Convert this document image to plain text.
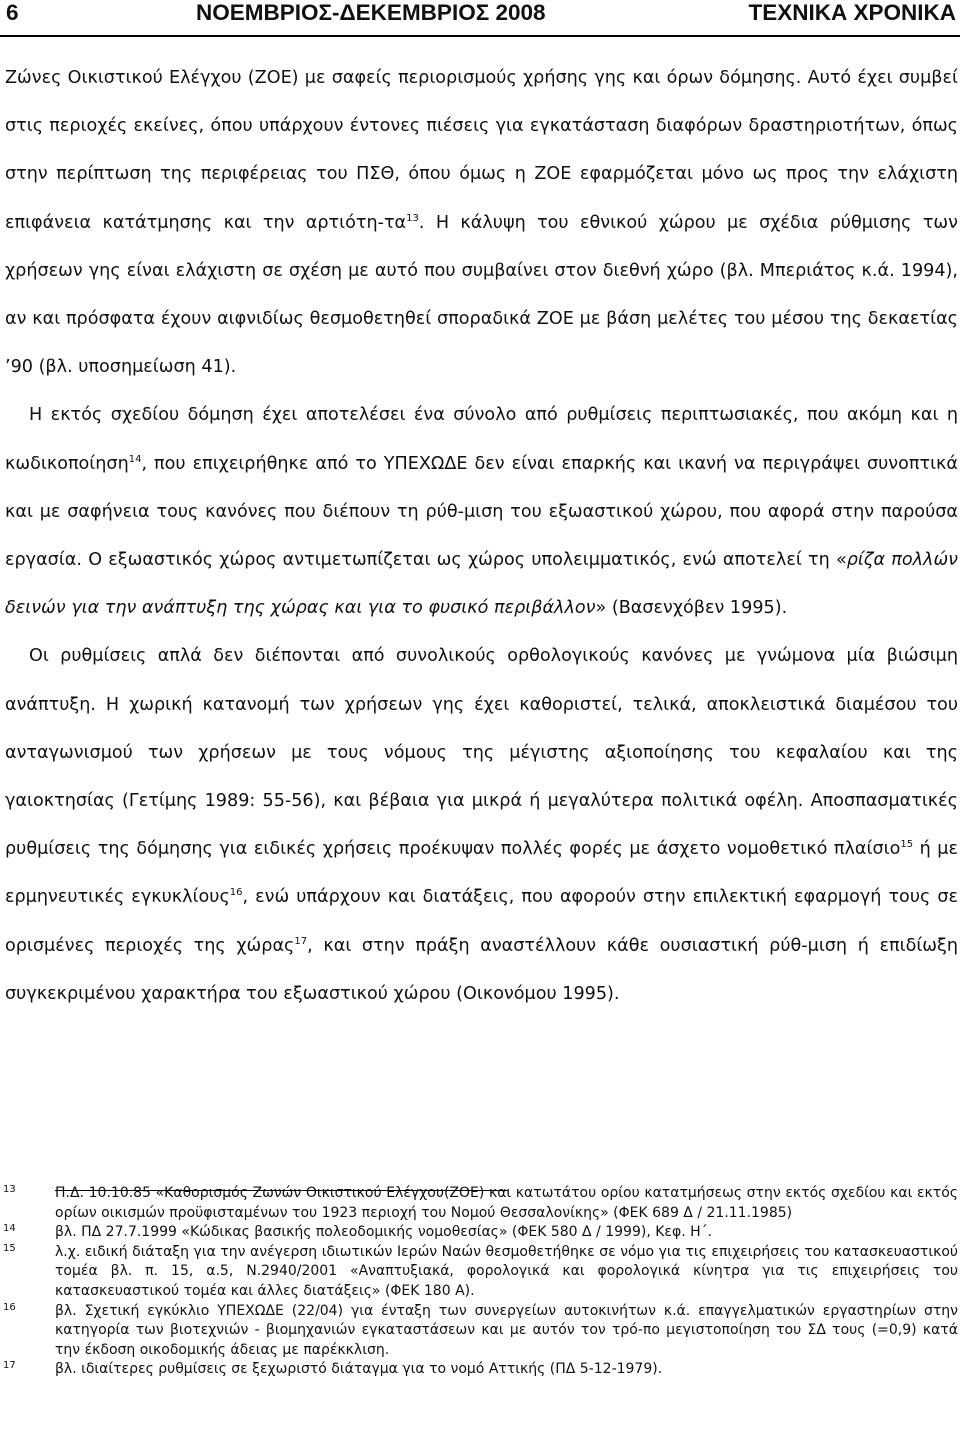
6	ΝΟΕΜΒΡΙΟΣ-ΔΕΚΕΜΒΡΙΟΣ 2008	ΤΕΧΝΙΚΑ ΧΡΟΝΙΚΑ

Ζώνες Οικιστικού Ελέγχου (ΖΟΕ) με σαφείς περιορισμούς χρήσης γης και όρων δόμησης. Αυτό έχει συμβεί στις περιοχές εκείνες, όπου υπάρχουν έντονες πιέσεις για εγκατάσταση διαφόρων δραστηριοτήτων, όπως στην περίπτωση της περιφέρειας του ΠΣΘ, όπου όμως η ΖΟΕ εφαρμόζεται μόνο ως προς την ελάχιστη επιφάνεια κατάτμησης και την αρτιότη-$\tau\alpha^{13}$. Η κάλυψη του εθνικού χώρου με σχέδια ρύθμισης των χρήσεων γης είναι ελάχιστη σε σχέση με αυτό που συμβαίνει στον διεθνή χώρο (βλ. Μπεριάτος κ.ά. 1994), αν και πρόσφατα έχουν αιφνιδίως θεσμοθετηθεί σποραδικά ΖΟΕ με βάση μελέτες του μέσου της δεκαετίας ’90 (βλ. υποσημείωση 41).

Η εκτός σχεδίου δόμηση έχει αποτελέσει ένα σύνολο από ρυθμίσεις περιπτωσιακές, που ακόμη και η κωδικοποίηση$^{14}$, που επιχειρήθηκε από το ΥΠΕΧΩΔΕ δεν είναι επαρκής και ικανή να περιγράψει συνοπτικά και με σαφήνεια τους κανόνες που διέπουν τη ρύθ-μιση του εξωαστικού χώρου, που αφορά στην παρούσα εργασία. Ο εξωαστικός χώρος αντιμετωπίζεται ως χώρος υπολειμματικός, ενώ αποτελεί τη «ρίζα πολλών δεινών για την ανάπτυξη της χώρας και για το φυσικό περιβάλλον» (Βασενχόβεν 1995).

Οι ρυθμίσεις απλά δεν διέπονται από συνολικούς ορθολογικούς κανόνες με γνώμονα μία βιώσιμη ανάπτυξη. Η χωρική κατανομή των χρήσεων γης έχει καθοριστεί, τελικά, αποκλειστικά διαμέσου του ανταγωνισμού των χρήσεων με τους νόμους της μέγιστης αξιοποίησης του κεφαλαίου και της γαιοκτησίας (Γετίμης 1989: 55-56), και βέβαια για μικρά ή μεγαλύτερα πολιτικά οφέλη. Αποσπασματικές ρυθμίσεις της δόμησης για ειδικές χρήσεις προέκυψαν πολλές φορές με άσχετο νομοθετικό πλαίσιο$^{15}$ ή με ερμηνευτικές εγκυκλίους$^{16}$, ενώ υπάρχουν και διατάξεις, που αφορούν στην επιλεκτική εφαρμογή τους σε ορισμένες περιοχές της χώρας$^{17}$, και στην πράξη αναστέλλουν κάθε ουσιαστική ρύθ-μιση ή επιδίωξη συγκεκριμένου χαρακτήρα του εξωαστικού χώρου (Οικονόμου 1995).

13	Π.Δ. 10.10.85 «Καθορισμός Ζωνών Οικιστικού Ελέγχου(ΖΟΕ) και κατωτάτου ορίου κατατμήσεως στην εκτός σχεδίου και εκτός ορίων οικισμών προϋφισταμένων του 1923 περιοχή του Νομού Θεσσαλονίκης» (ΦΕΚ 689 Δ / 21.11.1985)
14	βλ. ΠΔ 27.7.1999 «Κώδικας βασικής πολεοδομικής νομοθεσίας» (ΦΕΚ 580 Δ / 1999), Κεφ. Η΄.
15	λ.χ. ειδική διάταξη για την ανέγερση ιδιωτικών Ιερών Ναών θεσμοθετήθηκε σε νόμο για τις επιχειρήσεις του κατασκευαστικού τομέα βλ. π. 15, α.5, Ν.2940/2001 «Αναπτυξιακά, φορολογικά και φορολογικά κίνητρα για τις επιχειρήσεις του κατασκευαστικού τομέα και άλλες διατάξεις» (ΦΕΚ 180 Α).
16	βλ. Σχετική εγκύκλιο ΥΠΕΧΩΔΕ (22/04) για ένταξη των συνεργείων αυτοκινήτων κ.ά. επαγγελματικών εργαστηρίων στην κατηγορία των βιοτεχνιών - βιομηχανιών εγκαταστάσεων και με αυτόν τον τρό-πο μεγιστοποίηση του ΣΔ τους (=0,9) κατά την έκδοση οικοδομικής άδειας με παρέκκλιση.
17	βλ. ιδιαίτερες ρυθμίσεις σε ξεχωριστό διάταγμα για το νομό Αττικής (ΠΔ 5-12-1979).
